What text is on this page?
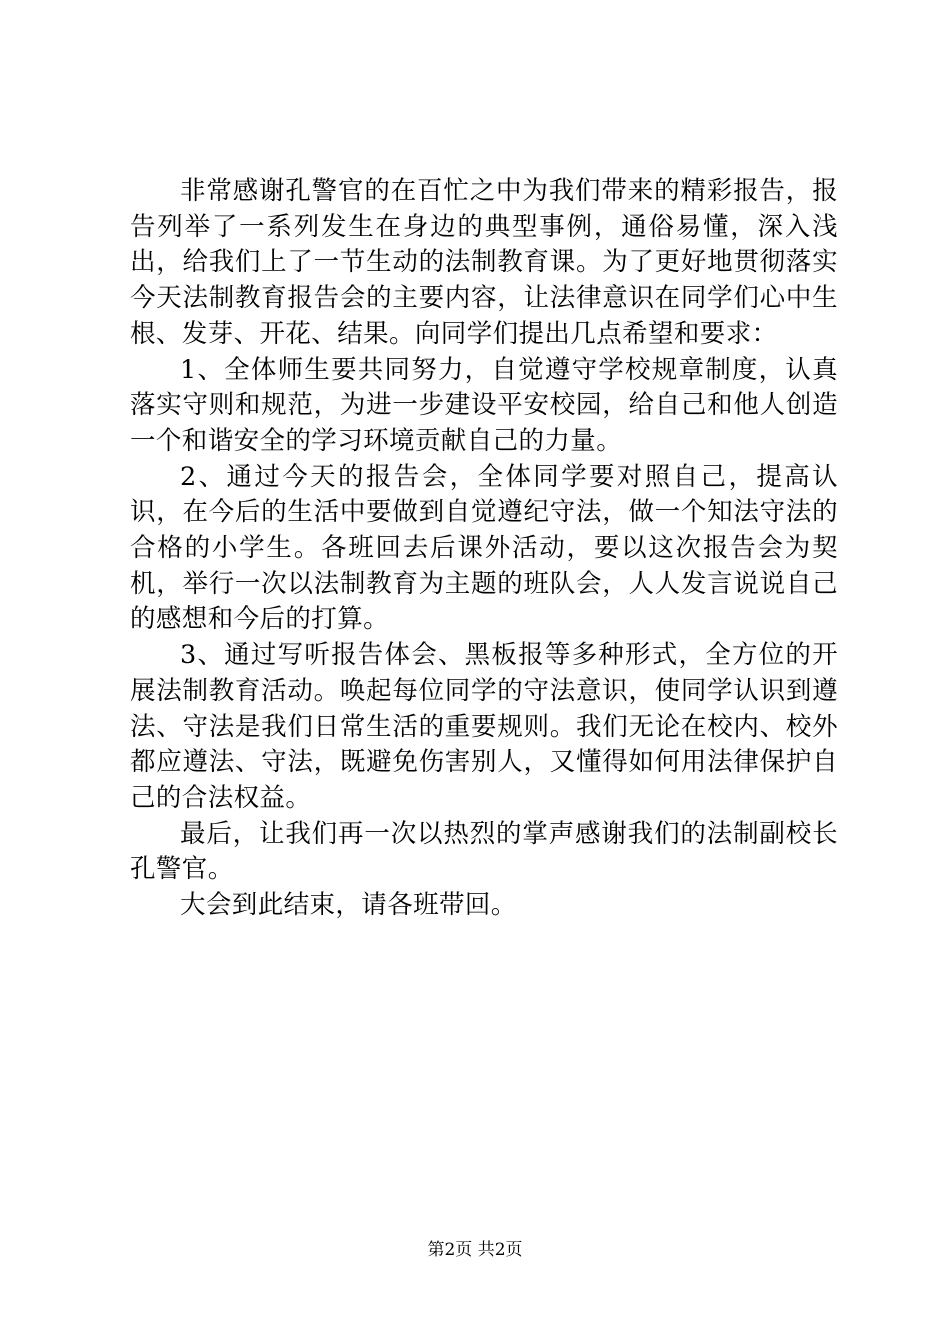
非常感谢孔警官的在百忙之中为我们带来的精彩报告，报告列举了一系列发生在身边的典型事例，通俗易懂，深入浅出，给我们上了一节生动的法制教育课。为了更好地贯彻落实今天法制教育报告会的主要内容，让法律意识在同学们心中生根、发芽、开花、结果。向同学们提出几点希望和要求：

1、全体师生要共同努力，自觉遵守学校规章制度，认真落实守则和规范，为进一步建设平安校园，给自己和他人创造一个和谐安全的学习环境贡献自己的力量。

2、通过今天的报告会，全体同学要对照自己，提高认识，在今后的生活中要做到自觉遵纪守法，做一个知法守法的合格的小学生。各班回去后课外活动，要以这次报告会为契机，举行一次以法制教育为主题的班队会，人人发言说说自己的感想和今后的打算。

3、通过写听报告体会、黑板报等多种形式，全方位的开展法制教育活动。唤起每位同学的守法意识，使同学认识到遵法、守法是我们日常生活的重要规则。我们无论在校内、校外都应遵法、守法，既避免伤害别人，又懂得如何用法律保护自己的合法权益。

最后，让我们再一次以热烈的掌声感谢我们的法制副校长孔警官。

大会到此结束，请各班带回。

第2页 共2页
